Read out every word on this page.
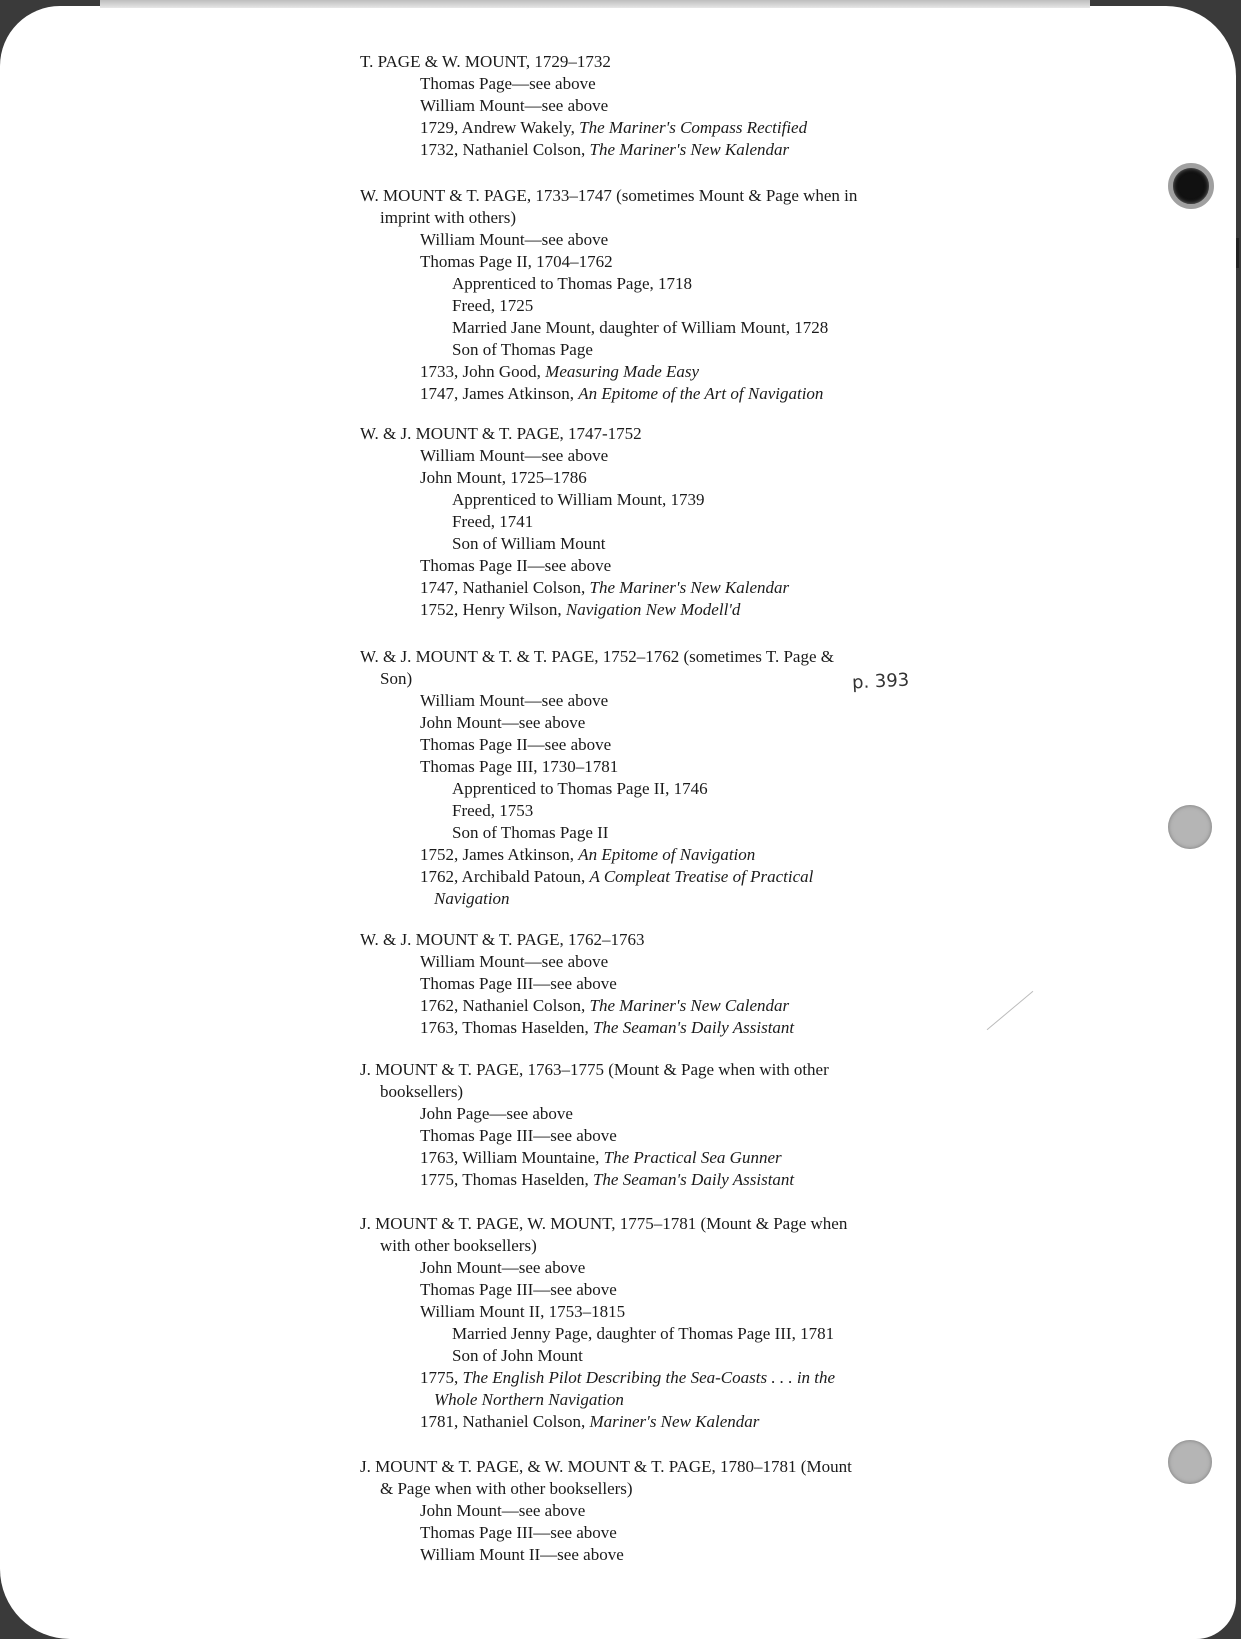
p. 393
T. PAGE & W. MOUNT, 1729–1732
Thomas Page—see above
William Mount—see above
1729, Andrew Wakely, The Mariner's Compass Rectified
1732, Nathaniel Colson, The Mariner's New Kalendar
W. MOUNT & T. PAGE, 1733–1747 (sometimes Mount & Page when in
imprint with others)
William Mount—see above
Thomas Page II, 1704–1762
Apprenticed to Thomas Page, 1718
Freed, 1725
Married Jane Mount, daughter of William Mount, 1728
Son of Thomas Page
1733, John Good, Measuring Made Easy
1747, James Atkinson, An Epitome of the Art of Navigation
W. & J. MOUNT & T. PAGE, 1747-1752
William Mount—see above
John Mount, 1725–1786
Apprenticed to William Mount, 1739
Freed, 1741
Son of William Mount
Thomas Page II—see above
1747, Nathaniel Colson, The Mariner's New Kalendar
1752, Henry Wilson, Navigation New Modell'd
W. & J. MOUNT & T. & T. PAGE, 1752–1762 (sometimes T. Page &
Son)
William Mount—see above
John Mount—see above
Thomas Page II—see above
Thomas Page III, 1730–1781
Apprenticed to Thomas Page II, 1746
Freed, 1753
Son of Thomas Page II
1752, James Atkinson, An Epitome of Navigation
1762, Archibald Patoun, A Compleat Treatise of Practical
Navigation
W. & J. MOUNT & T. PAGE, 1762–1763
William Mount—see above
Thomas Page III—see above
1762, Nathaniel Colson, The Mariner's New Calendar
1763, Thomas Haselden, The Seaman's Daily Assistant
J. MOUNT & T. PAGE, 1763–1775 (Mount & Page when with other
booksellers)
John Page—see above
Thomas Page III—see above
1763, William Mountaine, The Practical Sea Gunner
1775, Thomas Haselden, The Seaman's Daily Assistant
J. MOUNT & T. PAGE, W. MOUNT, 1775–1781 (Mount & Page when
with other booksellers)
John Mount—see above
Thomas Page III—see above
William Mount II, 1753–1815
Married Jenny Page, daughter of Thomas Page III, 1781
Son of John Mount
1775, The English Pilot Describing the Sea-Coasts . . . in the
Whole Northern Navigation
1781, Nathaniel Colson, Mariner's New Kalendar
J. MOUNT & T. PAGE, & W. MOUNT & T. PAGE, 1780–1781 (Mount
& Page when with other booksellers)
John Mount—see above
Thomas Page III—see above
William Mount II—see above
